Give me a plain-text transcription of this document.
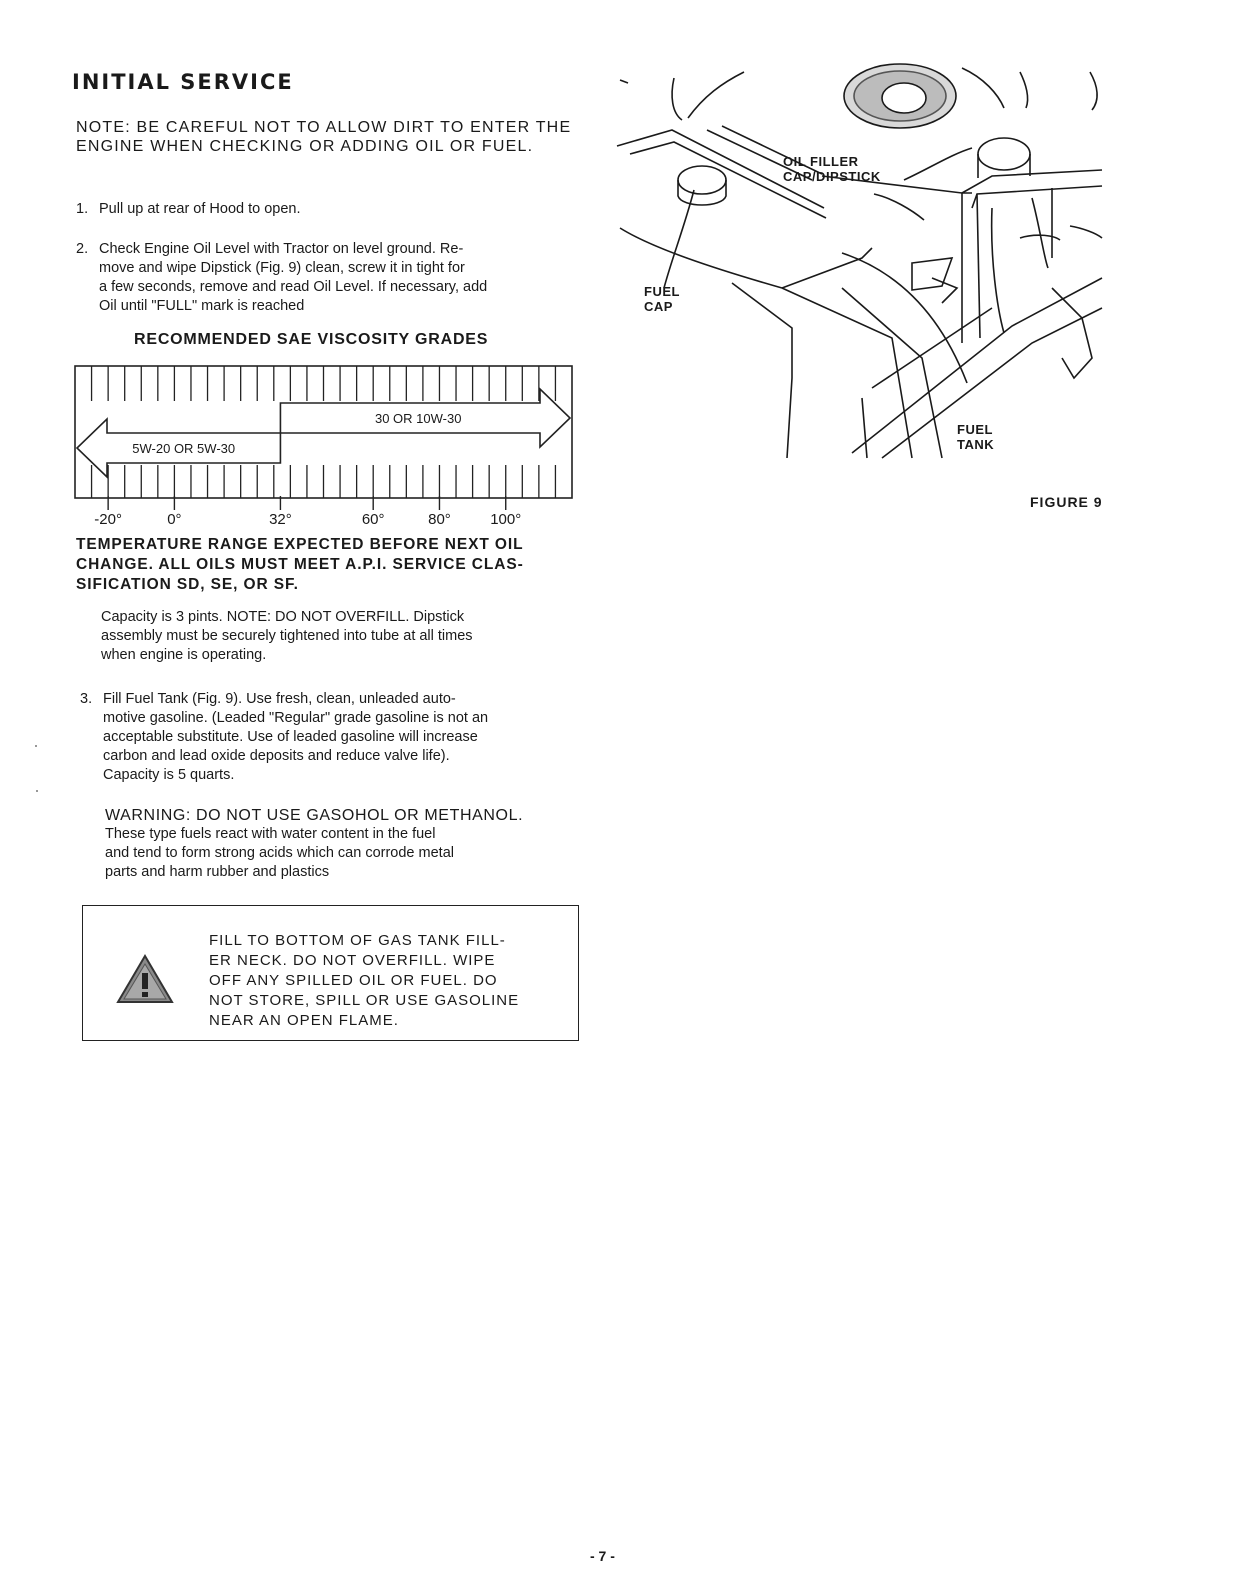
INITIAL SERVICE
NOTE: BE CAREFUL NOT TO ALLOW DIRT TO ENTER THE ENGINE WHEN CHECKING OR ADDING OIL OR FUEL.
1. Pull up at rear of Hood to open.
2. Check Engine Oil Level with Tractor on level ground. Re-
move and wipe Dipstick (Fig. 9) clean, screw it in tight for
a few seconds, remove and read Oil Level. If necessary, add
Oil until "FULL" mark is reached
RECOMMENDED SAE VISCOSITY GRADES
30 OR 10W-30
5W-20 OR 5W-30
-20°	0°	32°	60°	80°	100°
TEMPERATURE RANGE EXPECTED BEFORE NEXT OIL
CHANGE. ALL OILS MUST MEET A.P.I. SERVICE CLAS-
SIFICATION SD, SE, OR SF.
Capacity is 3 pints. NOTE: DO NOT OVERFILL. Dipstick
assembly must be securely tightened into tube at all times
when engine is operating.
3. Fill Fuel Tank (Fig. 9). Use fresh, clean, unleaded auto-
motive gasoline. (Leaded "Regular" grade gasoline is not an
acceptable substitute. Use of leaded gasoline will increase
carbon and lead oxide deposits and reduce valve life).
Capacity is 5 quarts.
WARNING: DO NOT USE GASOHOL OR METHANOL.
These type fuels react with water content in the fuel
and tend to form strong acids which can corrode metal
parts and harm rubber and plastics
FILL TO BOTTOM OF GAS TANK FILL-
ER NECK. DO NOT OVERFILL. WIPE
OFF ANY SPILLED OIL OR FUEL. DO
NOT STORE, SPILL OR USE GASOLINE
NEAR AN OPEN FLAME.
OIL FILLER
CAP/DIPSTICK
FUEL
CAP
FUEL
TANK
FIGURE 9
- 7 -
